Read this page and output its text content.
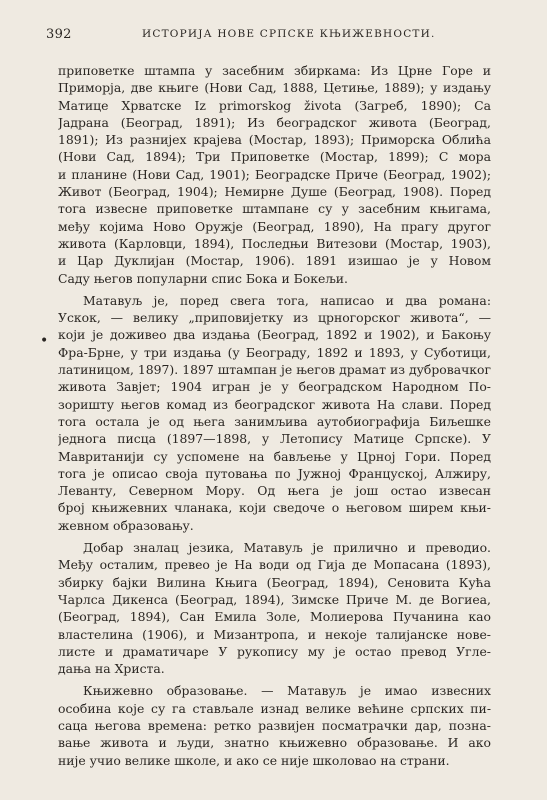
392	ИСТОРИЈА НОВЕ СРПСКЕ КЊИЖЕВНОСТИ.
•
приповетке штампа у засебним збиркама: Из Црне Горе и
Приморја, две књиге (Нови Сад, 1888, Цетиње, 1889); у издању
Матице Хрватске Iz primorskog života (Загреб, 1890); Са
Јадрана (Београд, 1891); Из београдског живота (Београд,
1891); Из разнијех крајева (Мостар, 1893); Приморска Облића
(Нови Сад, 1894); Три Приповетке (Мостар, 1899); С мора
и планине (Нови Сад, 1901); Београдске Приче (Београд, 1902);
Живот (Београд, 1904); Немирне Душе (Београд, 1908). Поред
тога извесне приповетке штампане су у засебним књигама,
међу којима Ново Оружје (Београд, 1890), На прагу другог
живота (Карловци, 1894), Последњи Витезови (Мостар, 1903),
и Цар Дуклијан (Мостар, 1906). 1891 изишао је у Новом
Саду његов популарни спис Бока и Бокељи.
Матавуљ је, поред свега тога, написао и два романа:
Ускок, — велику „приповијетку из црногорског живота“, —
који је доживео два издања (Београд, 1892 и 1902), и Бакоњу
Фра-Брне, у три издања (у Београду, 1892 и 1893, у Суботици,
латиницом, 1897). 1897 штампан је његов драмат из дубровачког
живота Завјет; 1904 игран је у београдском Народном По-
зоришту његов комад из београдског живота На слави. Поред
тога остала је од њега занимљива аутобиографија Биљешке
једнога писца (1897—1898, у Летопису Матице Српске). У
Мавританији су успомене на бављење у Црној Гори. Поред
тога је описао своја путовања по Јужној Француској, Алжиру,
Леванту, Северном Мору. Од њега је још остао извесан
број књижевних чланака, који сведоче о његовом ширем књи-
жевном образовању.
Добар зналац језика, Матавуљ је прилично и преводио.
Међу осталим, превео је На води од Гија де Мопасана (1893),
збирку бајки Вилина Књига (Београд, 1894), Сеновита Кућа
Чарлса Дикенса (Београд, 1894), Зимске Приче М. де Вогиеа,
(Београд, 1894), Сан Емила Золе, Молиерова Пучанина као
властелина (1906), и Мизантропа, и некоје талијанске нове-
листе и драматичаре У рукопису му је остао превод Угле-
дања на Христа.
Књижевно образовање. — Матавуљ је имао извесних
особина које су га стављале изнад велике већине српских пи-
саца његова времена: ретко развијен посматрачки дар, позна-
вање живота и људи, знатно књижевно образовање. И ако
није учио велике школе, и ако се није школовао на страни.
